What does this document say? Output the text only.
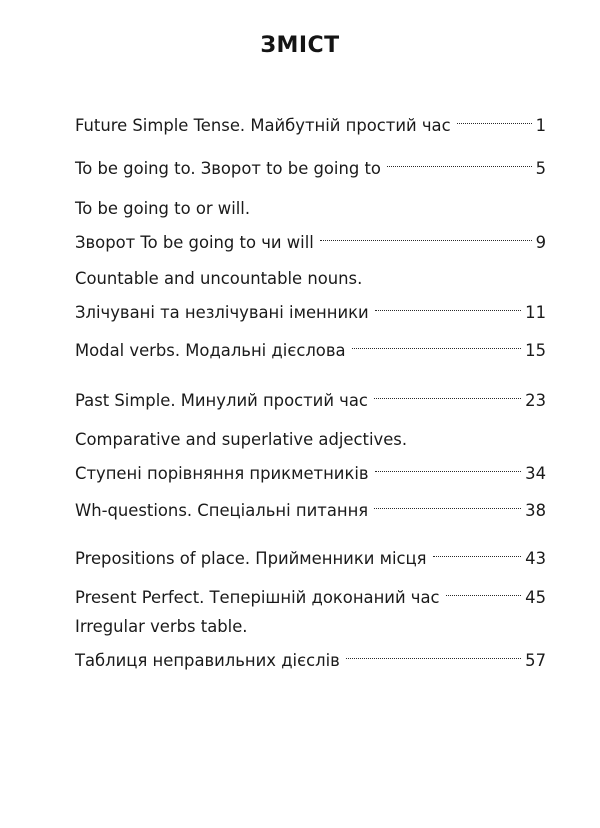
ЗМІСТ
Future Simple Tense. Майбутній простий час	1
To be going to. Зворот to be going to	5
To be going to or will.
Зворот To be going to чи will	9
Countable and uncountable nouns.
Злічувані та незлічувані іменники	11
Modal verbs. Модальні дієслова	15
Past Simple. Минулий простий час	23
Comparative and superlative adjectives.
Ступені порівняння прикметників	34
Wh-questions. Спеціальні питання	38
Prepositions of place. Прийменники місця	43
Present Perfect. Теперішній доконаний час	45
Irregular verbs table.
Таблиця неправильних дієслів	57
